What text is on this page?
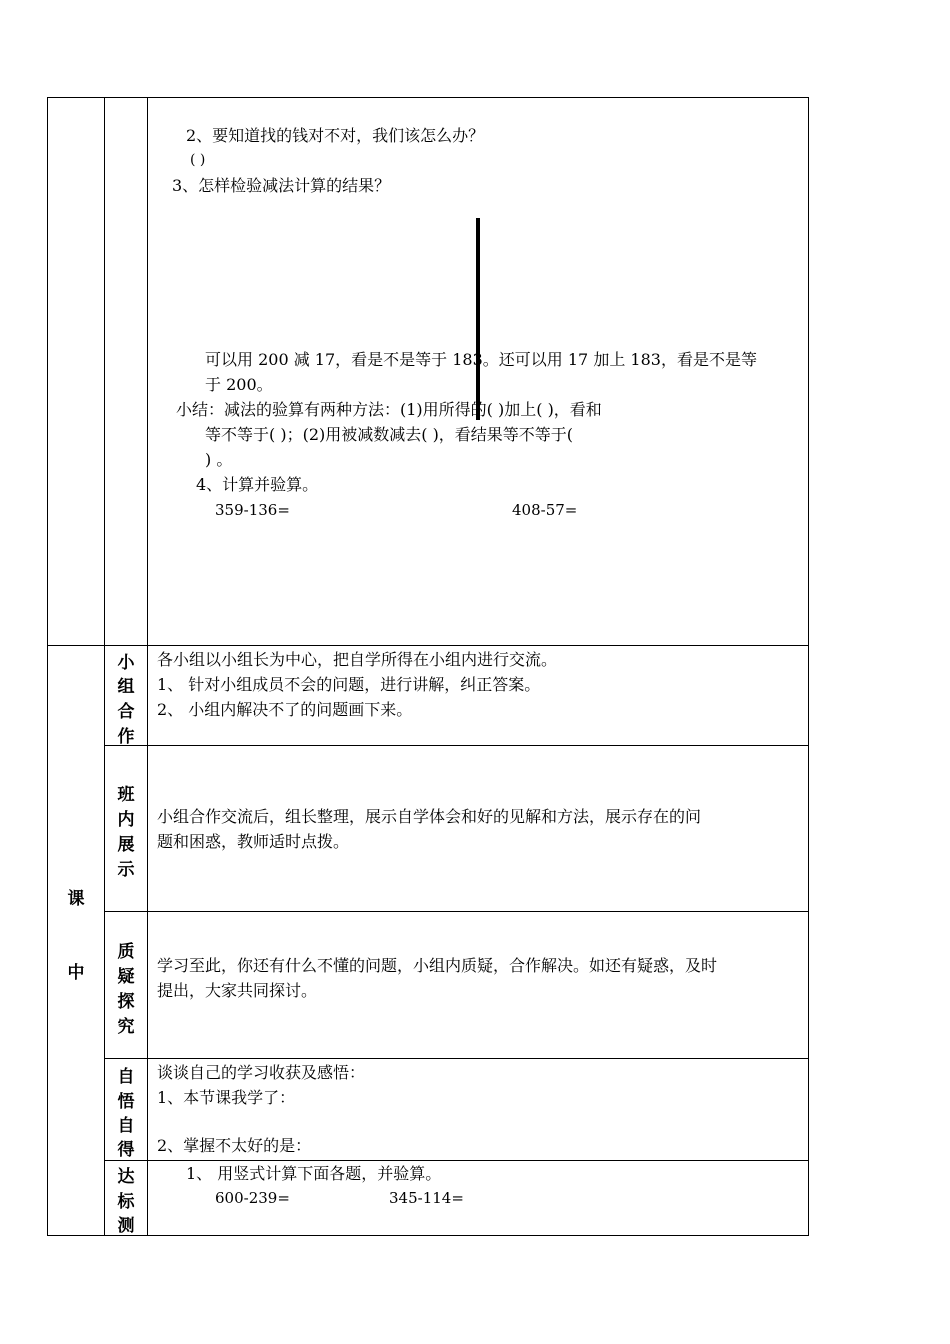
2、要知道找的钱对不对，我们该怎么办？
( )
3、怎样检验减法计算的结果？
可以用 200 减 17，看是不是等于 183。还可以用 17 加上 183，看是不是等
于 200。
小结：减法的验算有两种方法：(1)用所得的( )加上( )，看和
等不等于( )；(2)用被减数减去( )，看结果等不等于(
) 。
4、计算并验算。
359-136=	408-57=
课
中
小
组
合
作
各小组以小组长为中心，把自学所得在小组内进行交流。
1、 针对小组成员不会的问题，进行讲解，纠正答案。
2、 小组内解决不了的问题画下来。
班
内
展
示
小组合作交流后，组长整理，展示自学体会和好的见解和方法，展示存在的问
题和困惑，教师适时点拨。
质
疑
探
究
学习至此，你还有什么不懂的问题，小组内质疑，合作解决。如还有疑惑，及时
提出，大家共同探讨。
自
悟
自
得
谈谈自己的学习收获及感悟：
1、本节课我学了：
2、掌握不太好的是：
达
标
测
1、 用竖式计算下面各题，并验算。
600-239=	345-114=
